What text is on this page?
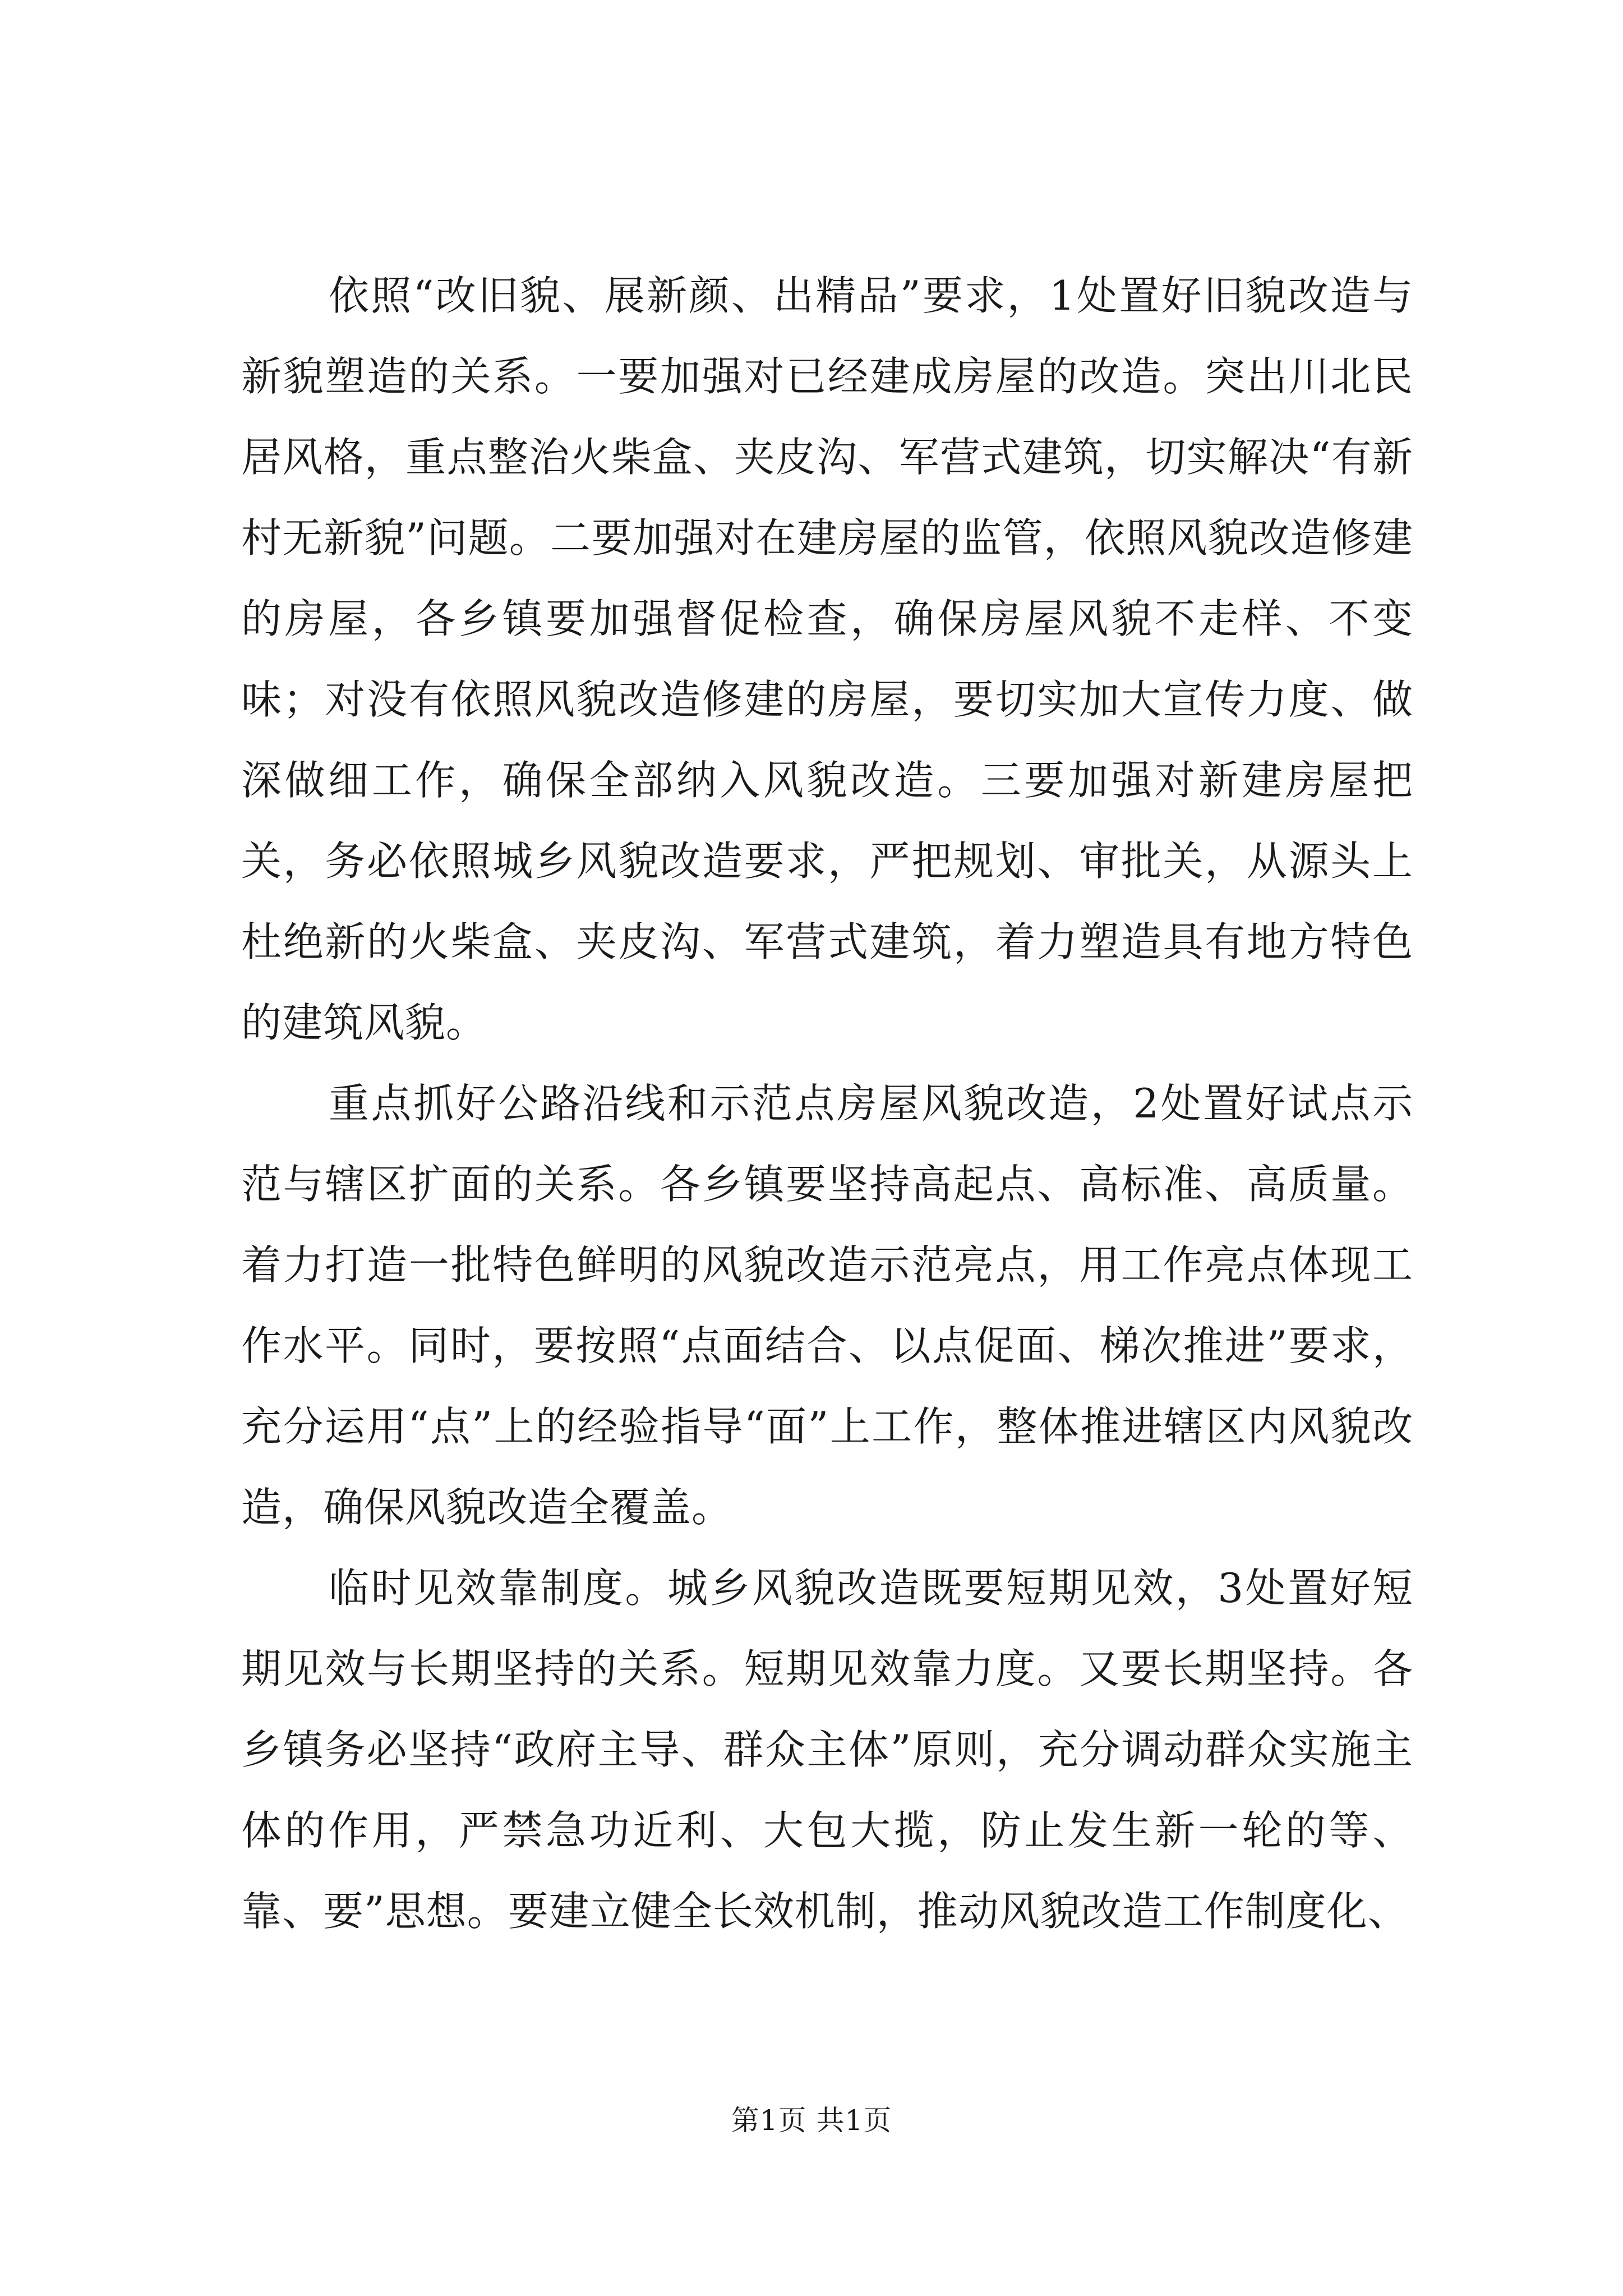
依照“改旧貌、展新颜、出精品”要求，1处置好旧貌改造与新貌塑造的关系。一要加强对已经建成房屋的改造。突出川北民居风格，重点整治火柴盒、夹皮沟、军营式建筑，切实解决“有新村无新貌”问题。二要加强对在建房屋的监管，依照风貌改造修建的房屋，各乡镇要加强督促检查，确保房屋风貌不走样、不变味；对没有依照风貌改造修建的房屋，要切实加大宣传力度、做深做细工作，确保全部纳入风貌改造。三要加强对新建房屋把关，务必依照城乡风貌改造要求，严把规划、审批关，从源头上杜绝新的火柴盒、夹皮沟、军营式建筑，着力塑造具有地方特色的建筑风貌。

重点抓好公路沿线和示范点房屋风貌改造，2处置好试点示范与辖区扩面的关系。各乡镇要坚持高起点、高标准、高质量。着力打造一批特色鲜明的风貌改造示范亮点，用工作亮点体现工作水平。同时，要按照“点面结合、以点促面、梯次推进”要求，充分运用“点”上的经验指导“面”上工作，整体推进辖区内风貌改造，确保风貌改造全覆盖。

临时见效靠制度。城乡风貌改造既要短期见效，3处置好短期见效与长期坚持的关系。短期见效靠力度。又要长期坚持。各乡镇务必坚持“政府主导、群众主体”原则，充分调动群众实施主体的作用，严禁急功近利、大包大揽，防止发生新一轮的等、靠、要”思想。要建立健全长效机制，推动风貌改造工作制度化、

第1页 共1页
